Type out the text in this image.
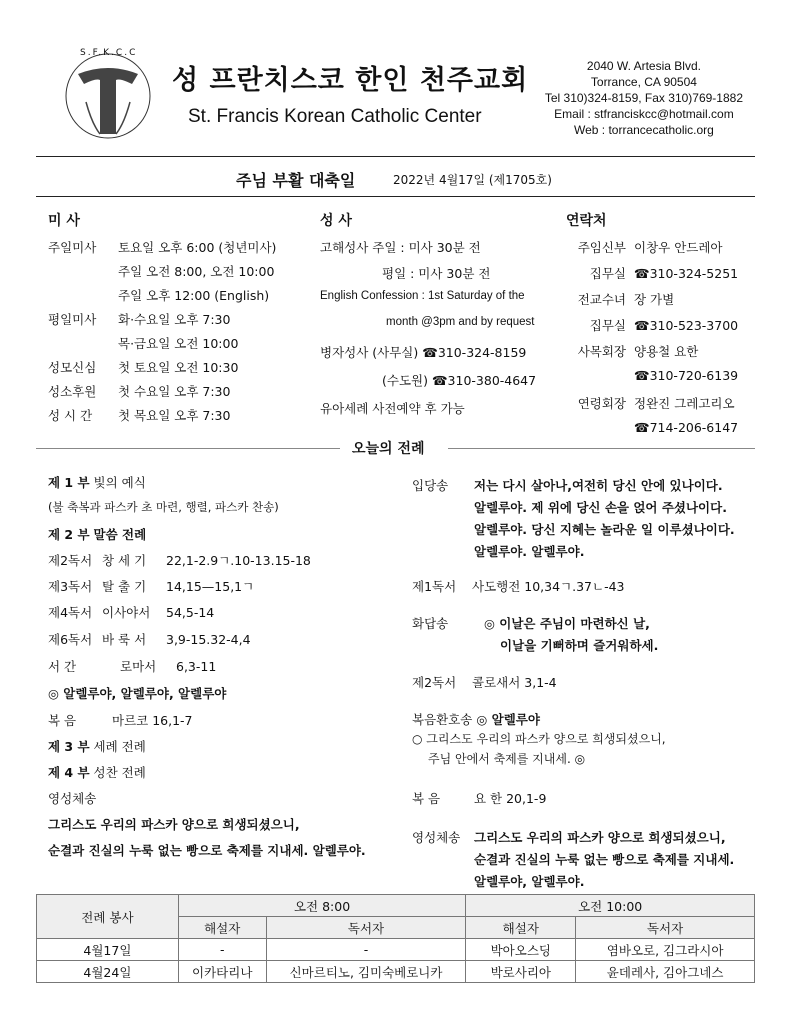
✝	✝
S.F.K.C.C
성 프란치스코 한인 천주교회
St. Francis Korean Catholic Center
2040 W. Artesia Blvd.
Torrance, CA 90504
Tel 310)324-8159, Fax 310)769-1882
Email : stfranciskcc@hotmail.com
Web : torrancecatholic.org
주님 부활 대축일	2022년 4월17일 (제1705호)
미 사
주일미사 토요일 오후 6:00 (청년미사)
주일 오전 8:00, 오전 10:00
주일 오후 12:00 (English)
평일미사 화·수요일 오후 7:30
목·금요일 오전 10:00
성모신심 첫 토요일 오전 10:30
성소후원 첫 수요일 오후 7:30
성 시 간 첫 목요일 오후 7:30
성 사
고해성사 주일 : 미사 30분 전
평일 : 미사 30분 전
English Confession : 1st Saturday of the
month @3pm and by request
병자성사 (사무실) ☎310-324-8159
(수도원) ☎310-380-4647
유아세례 사전예약 후 가능
연락처
주임신부 이창우 안드레아
집무실 ☎310-324-5251
전교수녀 장 가별
집무실 ☎310-523-3700
사목회장 양용철 요한
☎310-720-6139
연령회장 정완진 그레고리오
☎714-206-6147
오늘의 전례
제 1 부 빛의 예식
(불 축복과 파스카 초 마련, 행렬, 파스카 찬송)
제 2 부 말씀 전례
제2독서 창 세 기 22,1-2.9ㄱ.10-13.15-18
제3독서 탈 출 기 14,15—15,1ㄱ
제4독서 이사야서 54,5-14
제6독서 바 룩 서 3,9-15.32-4,4
서 간	로마서 6,3-11
◎ 알렐루야, 알렐루야, 알렐루야
복 음	마르코 16,1-7
제 3 부 세례 전례
제 4 부 성찬 전례
영성체송
그리스도 우리의 파스카 양으로 희생되셨으니,
순결과 진실의 누룩 없는 빵으로 축제를 지내세. 알렐루야.
입당송 저는 다시 살아나,여전히 당신 안에 있나이다.
알렐루야. 제 위에 당신 손을 얹어 주셨나이다.
알렐루야. 당신 지혜는 놀라운 일 이루셨나이다.
알렐루야. 알렐루야.
제1독서 사도행전 10,34ㄱ.37ㄴ-43
화답송	◎ 이날은 주님이 마련하신 날,
이날을 기뻐하며 즐거워하세.
제2독서 콜로새서 3,1-4
복음환호송 ◎ 알렐루야
○ 그리스도 우리의 파스카 양으로 희생되셨으니,
주님 안에서 축제를 지내세. ◎
복 음	요 한 20,1-9
영성체송 그리스도 우리의 파스카 양으로 희생되셨으니,
순결과 진실의 누룩 없는 빵으로 축제를 지내세.
알렐루야, 알렐루야.
전례 봉사	오전 8:00		오전 10:00	
	해설자	독서자	해설자	독서자
4월17일	-	-	박아오스딩	염바오로, 김그라시아
4월24일	이카타리나	신마르티노, 김미숙베로니카	박로사리아	윤데레사, 김아그네스
